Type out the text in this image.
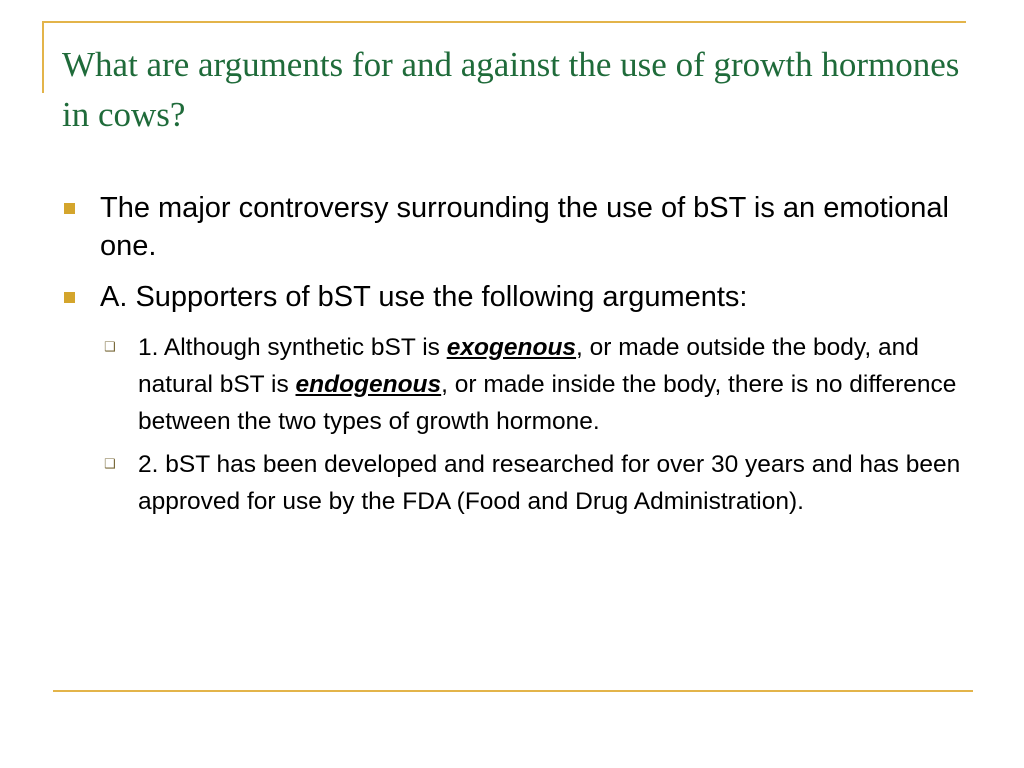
What are arguments for and against the use of growth hormones in cows?
The major controversy surrounding the use of bST is an emotional one.
A. Supporters of bST use the following arguments:
❑ 1. Although synthetic bST is exogenous, or made outside the body, and natural bST is endogenous, or made inside the body, there is no difference between the two types of growth hormone.
❑ 2. bST has been developed and researched for over 30 years and has been approved for use by the FDA (Food and Drug Administration).
